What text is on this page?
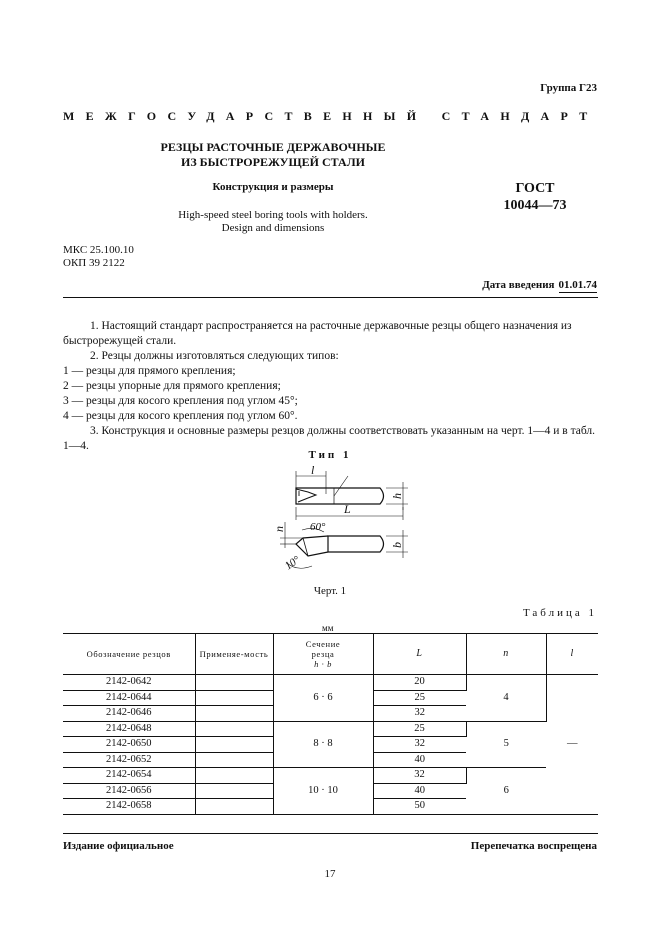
Группа Г23
МЕЖГОСУДАРСТВЕННЫЙ СТАНДАРТ
РЕЗЦЫ РАСТОЧНЫЕ ДЕРЖАВОЧНЫЕ
ИЗ БЫСТРОРЕЖУЩЕЙ СТАЛИ
Конструкция и размеры
High-speed steel boring tools with holders.
Design and dimensions
ГОСТ
10044—73
МКС 25.100.10
ОКП 39 2122
Дата введения 01.01.74

1. Настоящий стандарт распространяется на расточные державочные резцы общего назначения из быстрорежущей стали.

2. Резцы должны изготовляться следующих типов:

1 — резцы для прямого крепления;

2 — резцы упорные для прямого крепления;

3 — резцы для косого крепления под углом 45°;

4 — резцы для косого крепления под углом 60°.

3. Конструкция и основные размеры резцов должны соответствовать указанным на черт. 1—4 и в табл. 1—4.

Тип 1
l
L
h
b
n 60°
10°
Черт. 1
Таблица 1
мм
Обозначение резцов	Применяе-мость	Сечение
резца
h · b	L	n	l
2142-0642		6 · 6	20	4	—
2142-0644			25		
2142-0646			32		
2142-0648		8 · 8	25	5	
2142-0650			32		
2142-0652			40		
2142-0654		10 · 10	32	6	
2142-0656			40		
2142-0658			50		
Издание официальное	Перепечатка воспрещена
17
